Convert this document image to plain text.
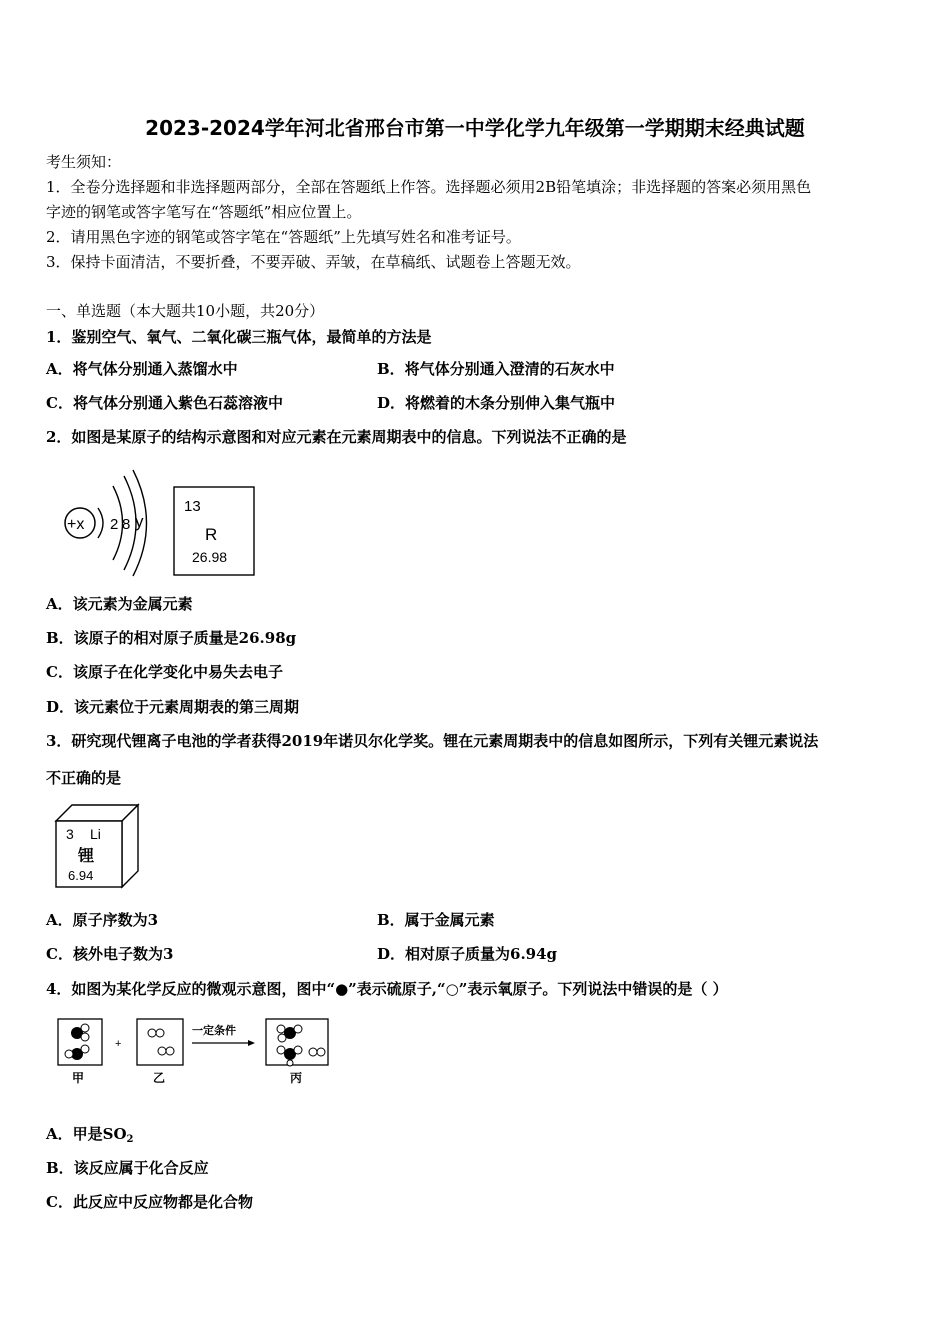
2023-2024学年河北省邢台市第一中学化学九年级第一学期期末经典试题
考生须知：
1．全卷分选择题和非选择题两部分，全部在答题纸上作答。选择题必须用2B铅笔填涂；非选择题的答案必须用黑色
字迹的钢笔或答字笔写在“答题纸”相应位置上。
2．请用黑色字迹的钢笔或答字笔在“答题纸”上先填写姓名和准考证号。
3．保持卡面清洁，不要折叠，不要弄破、弄皱，在草稿纸、试题卷上答题无效。
一、单选题（本大题共10小题，共20分）
1．鉴别空气、氧气、二氧化碳三瓶气体，最简单的方法是
A．将气体分别通入蒸馏水中	B．将气体分别通入澄清的石灰水中
C．将气体分别通入紫色石蕊溶液中	D．将燃着的木条分别伸入集气瓶中
2．如图是某原子的结构示意图和对应元素在元素周期表中的信息。下列说法不正确的是
+x 2 8 y
13
R
26.98
A．该元素为金属元素
B．该原子的相对原子质量是26.98g
C．该原子在化学变化中易失去电子
D．该元素位于元素周期表的第三周期
3．研究现代锂离子电池的学者获得2019年诺贝尔化学奖。锂在元素周期表中的信息如图所示，下列有关锂元素说法
不正确的是
3 Li
锂
6.94
A．原子序数为3	B．属于金属元素
C．核外电子数为3	D．相对原子质量为6.94g
4．如图为某化学反应的微观示意图，图中“●”表示硫原子,“○”表示氧原子。下列说法中错误的是（ ）
甲
+
乙
一定条件
丙
A．甲是$SO_2$
B．该反应属于化合反应
C．此反应中反应物都是化合物
